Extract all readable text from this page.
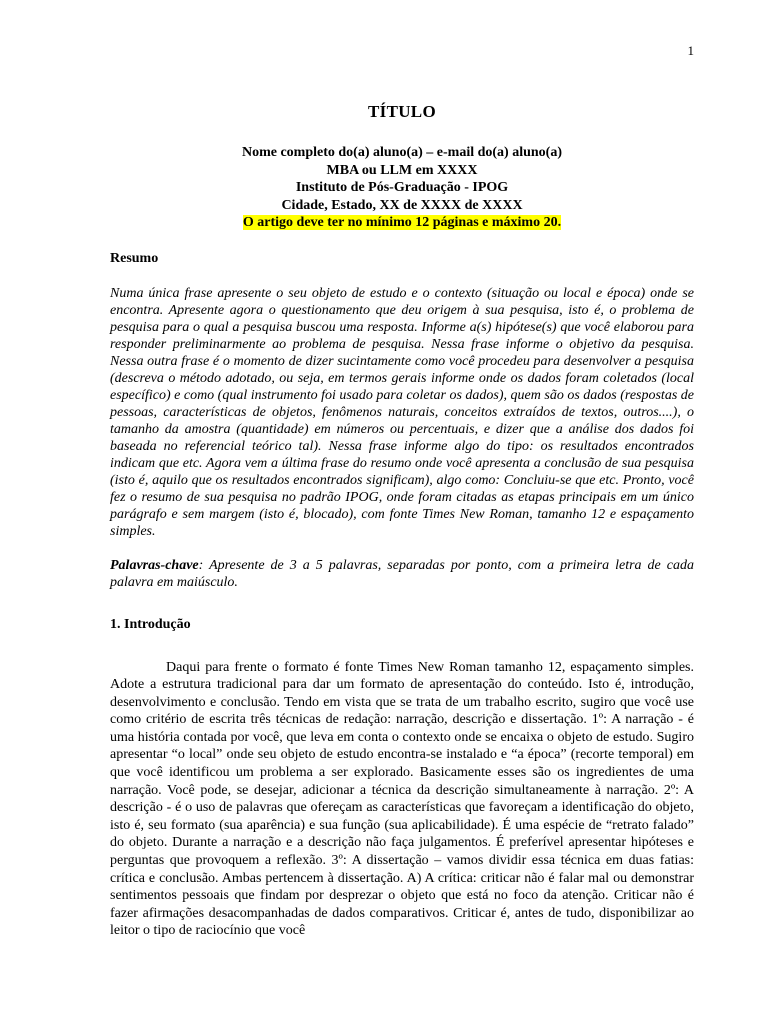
1
TÍTULO
Nome completo do(a) aluno(a) – e-mail do(a) aluno(a)
MBA ou LLM em XXXX
Instituto de Pós-Graduação - IPOG
Cidade, Estado, XX de XXXX de XXXX
O artigo deve ter no mínimo 12 páginas e máximo 20.
Resumo

Numa única frase apresente o seu objeto de estudo e o contexto (situação ou local e época) onde se encontra. Apresente agora o questionamento que deu origem à sua pesquisa, isto é, o problema de pesquisa para o qual a pesquisa buscou uma resposta. Informe a(s) hipótese(s) que você elaborou para responder preliminarmente ao problema de pesquisa. Nessa frase informe o objetivo da pesquisa. Nessa outra frase é o momento de dizer sucintamente como você procedeu para desenvolver a pesquisa (descreva o método adotado, ou seja, em termos gerais informe onde os dados foram coletados (local específico) e como (qual instrumento foi usado para coletar os dados), quem são os dados (respostas de pessoas, características de objetos, fenômenos naturais, conceitos extraídos de textos, outros....), o tamanho da amostra (quantidade) em números ou percentuais, e dizer que a análise dos dados foi baseada no referencial teórico tal). Nessa frase informe algo do tipo: os resultados encontrados indicam que etc. Agora vem a última frase do resumo onde você apresenta a conclusão de sua pesquisa (isto é, aquilo que os resultados encontrados significam), algo como: Concluiu-se que etc. Pronto, você fez o resumo de sua pesquisa no padrão IPOG, onde foram citadas as etapas principais em um único parágrafo e sem margem (isto é, blocado), com fonte Times New Roman, tamanho 12 e espaçamento simples.

Palavras-chave: Apresente de 3 a 5 palavras, separadas por ponto, com a primeira letra de cada palavra em maiúsculo.

1. Introdução

Daqui para frente o formato é fonte Times New Roman tamanho 12, espaçamento simples. Adote a estrutura tradicional para dar um formato de apresentação do conteúdo. Isto é, introdução, desenvolvimento e conclusão. Tendo em vista que se trata de um trabalho escrito, sugiro que você use como critério de escrita três técnicas de redação: narração, descrição e dissertação. 1º: A narração - é uma história contada por você, que leva em conta o contexto onde se encaixa o objeto de estudo. Sugiro apresentar “o local” onde seu objeto de estudo encontra-se instalado e “a época” (recorte temporal) em que você identificou um problema a ser explorado. Basicamente esses são os ingredientes de uma narração. Você pode, se desejar, adicionar a técnica da descrição simultaneamente à narração. 2º: A descrição - é o uso de palavras que ofereçam as características que favoreçam a identificação do objeto, isto é, seu formato (sua aparência) e sua função (sua aplicabilidade). É uma espécie de “retrato falado” do objeto. Durante a narração e a descrição não faça julgamentos. É preferível apresentar hipóteses e perguntas que provoquem a reflexão. 3º: A dissertação – vamos dividir essa técnica em duas fatias: crítica e conclusão. Ambas pertencem à dissertação. A) A crítica: criticar não é falar mal ou demonstrar sentimentos pessoais que findam por desprezar o objeto que está no foco da atenção. Criticar não é fazer afirmações desacompanhadas de dados comparativos. Criticar é, antes de tudo, disponibilizar ao leitor o tipo de raciocínio que você
